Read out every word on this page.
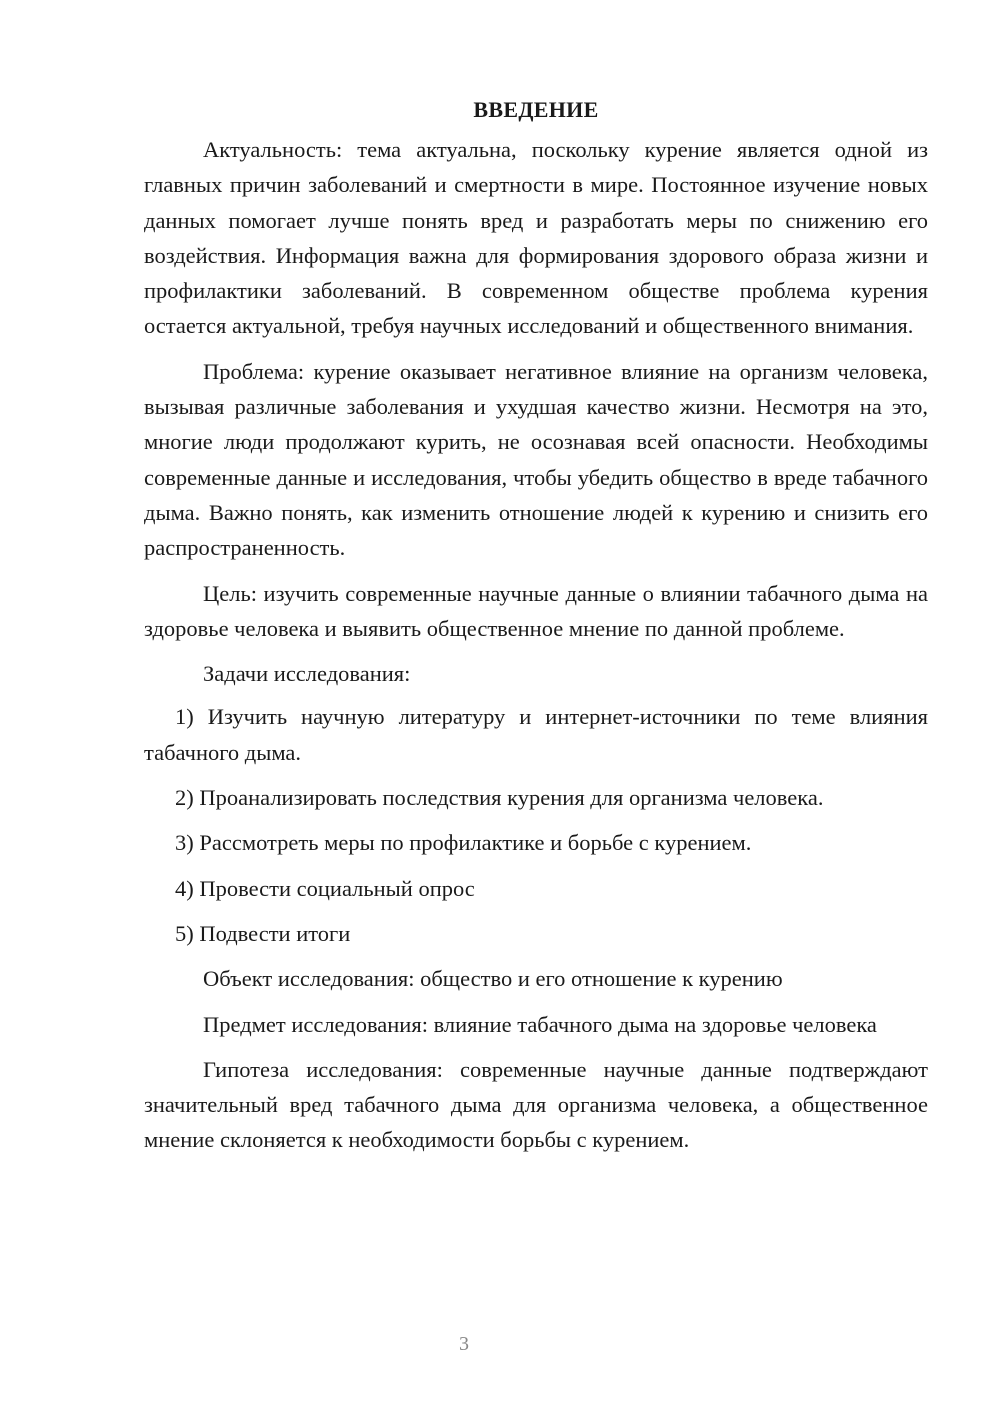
ВВЕДЕНИЕ

Актуальность: тема актуальна, поскольку курение является одной из главных причин заболеваний и смертности в мире. Постоянное изучение новых данных помогает лучше понять вред и разработать меры по снижению его воздействия. Информация важна для формирования здорового образа жизни и профилактики заболеваний. В современном обществе проблема курения остается актуальной, требуя научных исследований и общественного внимания.

Проблема: курение оказывает негативное влияние на организм человека, вызывая различные заболевания и ухудшая качество жизни. Несмотря на это, многие люди продолжают курить, не осознавая всей опасности. Необходимы современные данные и исследования, чтобы убедить общество в вреде табачного дыма. Важно понять, как изменить отношение людей к курению и снизить его распространенность.

Цель: изучить современные научные данные о влиянии табачного дыма на здоровье человека и выявить общественное мнение по данной проблеме.

Задачи исследования:

1) Изучить научную литературу и интернет-источники по теме влияния табачного дыма.

2) Проанализировать последствия курения для организма человека.

3) Рассмотреть меры по профилактике и борьбе с курением.

4) Провести социальный опрос

5) Подвести итоги

Объект исследования: общество и его отношение к курению

Предмет исследования: влияние табачного дыма на здоровье человека

Гипотеза исследования: современные научные данные подтверждают значительный вред табачного дыма для организма человека, а общественное мнение склоняется к необходимости борьбы с курением.

3
